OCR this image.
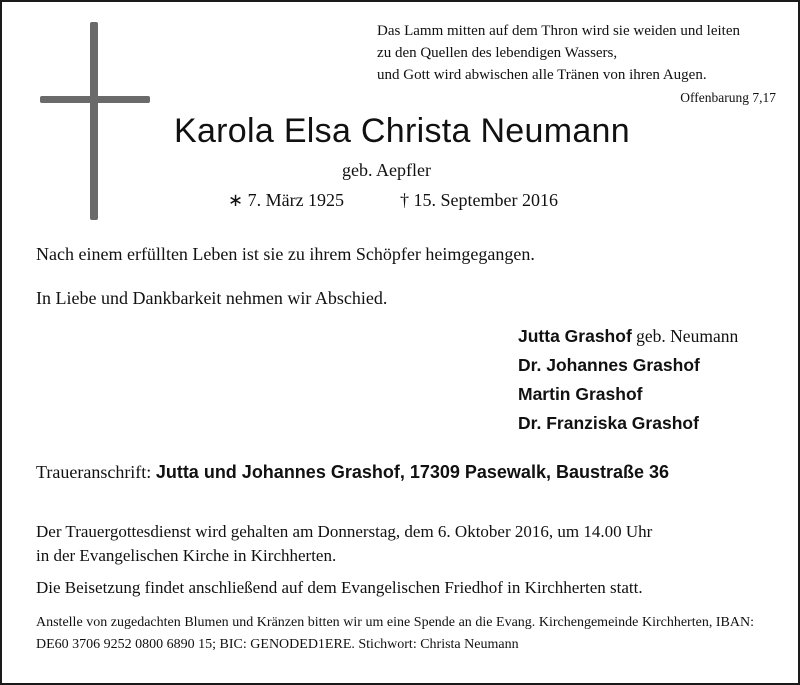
Das Lamm mitten auf dem Thron wird sie weiden und leiten
zu den Quellen des lebendigen Wassers,
und Gott wird abwischen alle Tränen von ihren Augen.
Offenbarung 7,17
Karola Elsa Christa Neumann
geb. Aepfler
∗ 7. März 1925	† 15. September 2016

Nach einem erfüllten Leben ist sie zu ihrem Schöpfer heimgegangen.

In Liebe und Dankbarkeit nehmen wir Abschied.

Jutta Grashof geb. Neumann
Dr. Johannes Grashof
Martin Grashof
Dr. Franziska Grashof
Traueranschrift: Jutta und Johannes Grashof, 17309 Pasewalk, Baustraße 36
Der Trauergottesdienst wird gehalten am Donnerstag, dem 6. Oktober 2016, um 14.00 Uhr
in der Evangelischen Kirche in Kirchherten.
Die Beisetzung findet anschließend auf dem Evangelischen Friedhof in Kirchherten statt.
Anstelle von zugedachten Blumen und Kränzen bitten wir um eine Spende an die Evang. Kirchengemeinde Kirchherten, IBAN: DE60 3706 9252 0800 6890 15; BIC: GENODED1ERE. Stichwort: Christa Neumann
